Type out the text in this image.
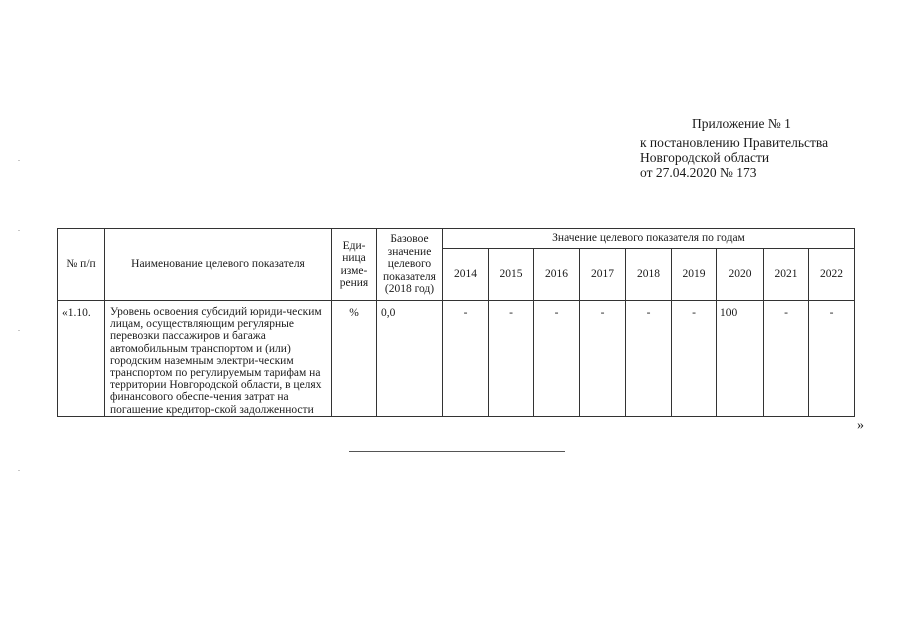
Приложение № 1
к постановлению Правительства
Новгородской области
от 27.04.2020 № 173
№ п/п	Наименование целевого показателя	Еди-ница изме-рения	Базовое значение целевого показателя (2018 год)	Значение целевого показателя по годам								
				2014	2015	2016	2017	2018	2019	2020	2021	2022
«1.10.	Уровень освоения субсидий юриди-ческим лицам, осуществляющим регулярные перевозки пассажиров и багажа автомобильным транспортом и (или) городским наземным электри-ческим транспортом по регулируемым тарифам на территории Новгородской области, в целях финансового обеспе-чения затрат на погашение кредитор-ской задолженности	%	0,0	-	-	-	-	-	-	100	-	-
»
